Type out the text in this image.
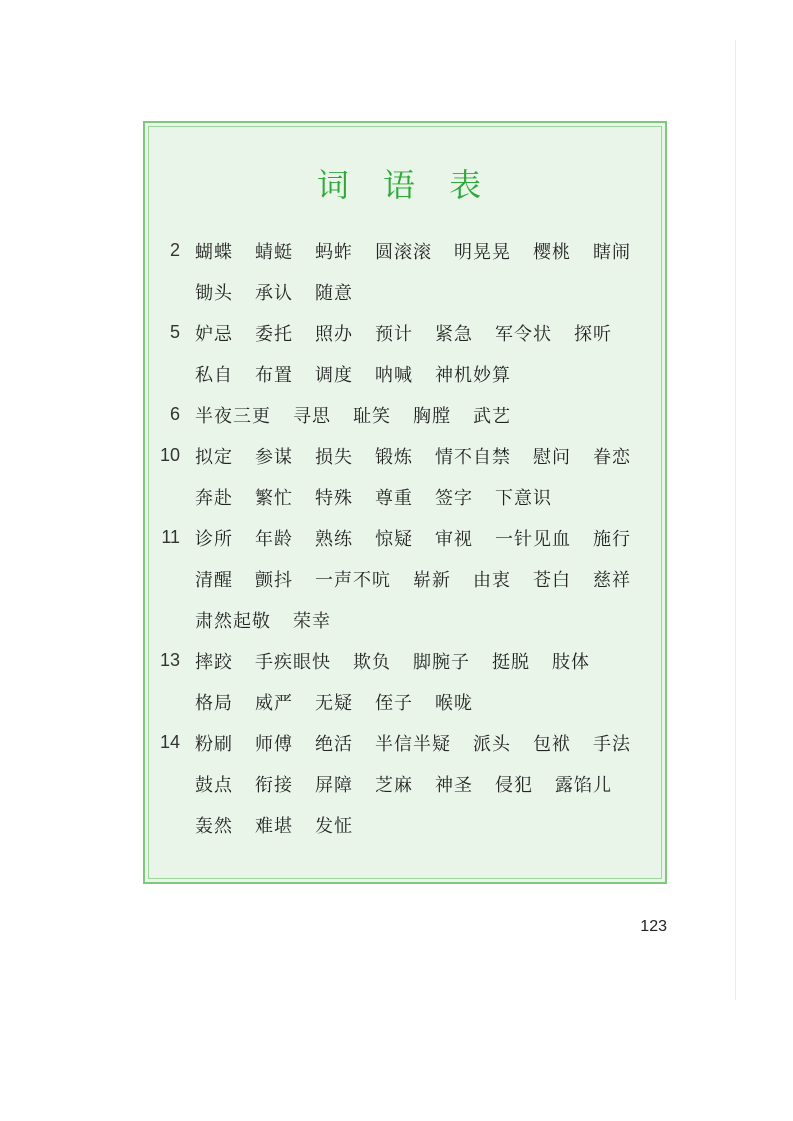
词 语 表
2 蝴蝶 蜻蜓 蚂蚱 圆滚滚 明晃晃 樱桃 瞎闹
锄头 承认 随意
5 妒忌 委托 照办 预计 紧急 军令状 探听
私自 布置 调度 呐喊 神机妙算
6 半夜三更 寻思 耻笑 胸膛 武艺
10 拟定 参谋 损失 锻炼 情不自禁 慰问 眷恋
奔赴 繁忙 特殊 尊重 签字 下意识
11 诊所 年龄 熟练 惊疑 审视 一针见血 施行
清醒 颤抖 一声不吭 崭新 由衷 苍白 慈祥
肃然起敬 荣幸
13 摔跤 手疾眼快 欺负 脚腕子 挺脱 肢体
格局 威严 无疑 侄子 喉咙
14 粉刷 师傅 绝活 半信半疑 派头 包袱 手法
鼓点 衔接 屏障 芝麻 神圣 侵犯 露馅儿
轰然 难堪 发怔
123
